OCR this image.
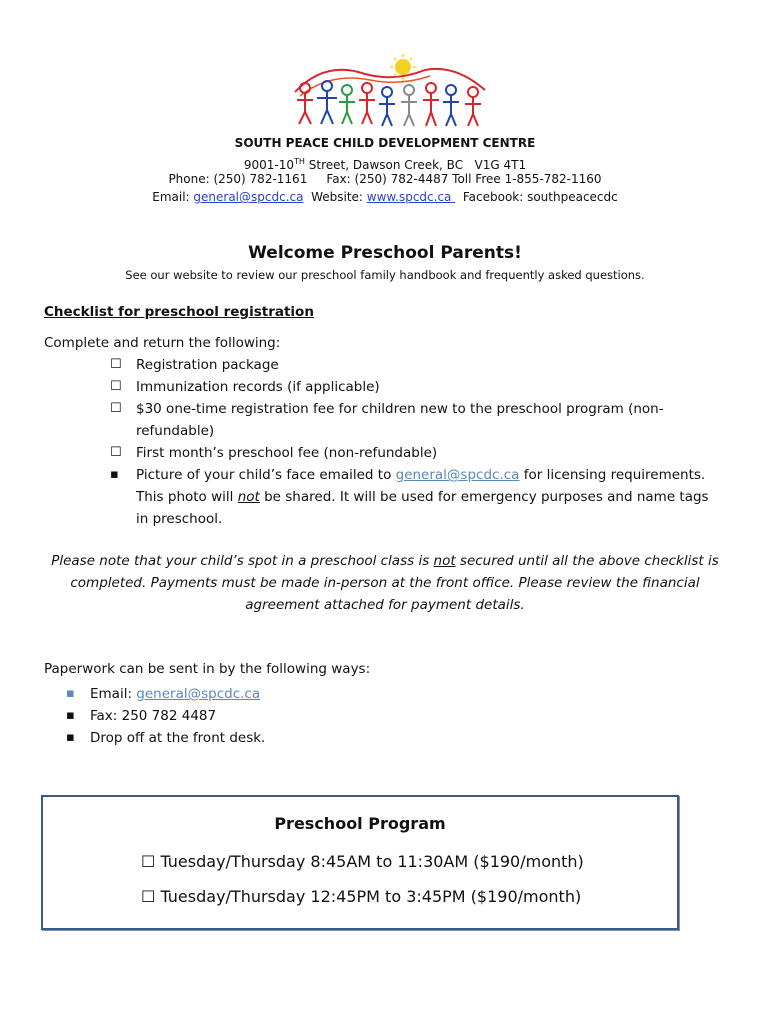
SOUTH PEACE CHILD DEVELOPMENT CENTRE
9001-10TH Street, Dawson Creek, BC   V1G 4T1
Phone: (250) 782-1161     Fax: (250) 782-4487 Toll Free 1-855-782-1160
Email: general@spcdc.ca  Website: www.spcdc.ca   Facebook: southpeacecdc
Welcome Preschool Parents!
See our website to review our preschool family handbook and frequently asked questions.
Checklist for preschool registration
Complete and return the following:
☐	Registration package
☐	Immunization records (if applicable)
☐	$30 one-time registration fee for children new to the preschool program (non-refundable)
☐	First month’s preschool fee (non-refundable)
▪	Picture of your child’s face emailed to general@spcdc.ca for licensing requirements. This photo will not be shared. It will be used for emergency purposes and name tags in preschool.
Please note that your child’s spot in a preschool class is not secured until all the above checklist is completed. Payments must be made in-person at the front office. Please review the financial agreement attached for payment details.
Paperwork can be sent in by the following ways:
▪	Email: general@spcdc.ca
▪	Fax: 250 782 4487
▪	Drop off at the front desk.
Preschool Program
☐ Tuesday/Thursday 8:45AM to 11:30AM ($190/month)
☐ Tuesday/Thursday 12:45PM to 3:45PM ($190/month)
